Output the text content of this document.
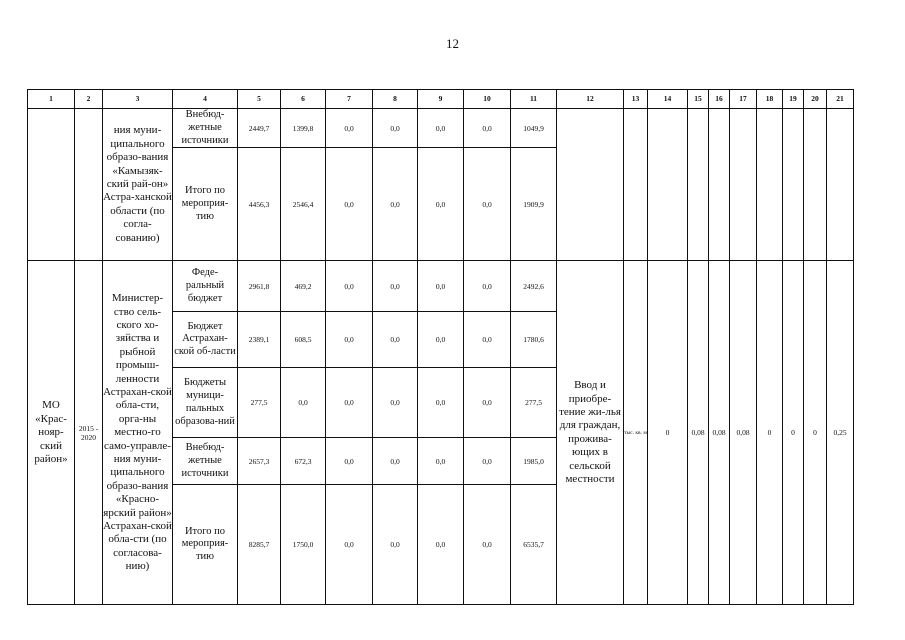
12
1	2	3	4	5	6	7	8	9	10	11	12	13	14	15	16	17	18	19	20	21
		ния муни-ципального образо-вания «Камызяк-ский рай-он» Астра-ханской области (по согла-сованию)	Внебюд-жетные источники	2449,7	1399,8	0,0	0,0	0,0	0,0	1049,9										
			Итого по мероприя-тию	4456,3	2546,4	0,0	0,0	0,0	0,0	1909,9										
МО «Крас-нояр-ский район»	2015 - 2020	Министер-ство сель-ского хо-зяйства и рыбной промыш-ленности Астрахан-ской обла-сти, орга-ны местно-го само-управле-ния муни-ципального образо-вания «Красно-ярский район» Астрахан-ской обла-сти (по согласова-нию)	Феде-ральный бюджет	2961,8	469,2	0,0	0,0	0,0	0,0	2492,6	Ввод и приобре-тение жи-лья для граждан, прожива-ющих в сельской местности	тыс. кв. м	0	0,08	0,08	0,08	0	0	0	0,25
			Бюджет Астрахан-ской об-ласти	2389,1	608,5	0,0	0,0	0,0	0,0	1780,6										
			Бюджеты муници-пальных образова-ний	277,5	0,0	0,0	0,0	0,0	0,0	277,5										
			Внебюд-жетные источники	2657,3	672,3	0,0	0,0	0,0	0,0	1985,0										
			Итого по мероприя-тию	8285,7	1750,0	0,0	0,0	0,0	0,0	6535,7										
